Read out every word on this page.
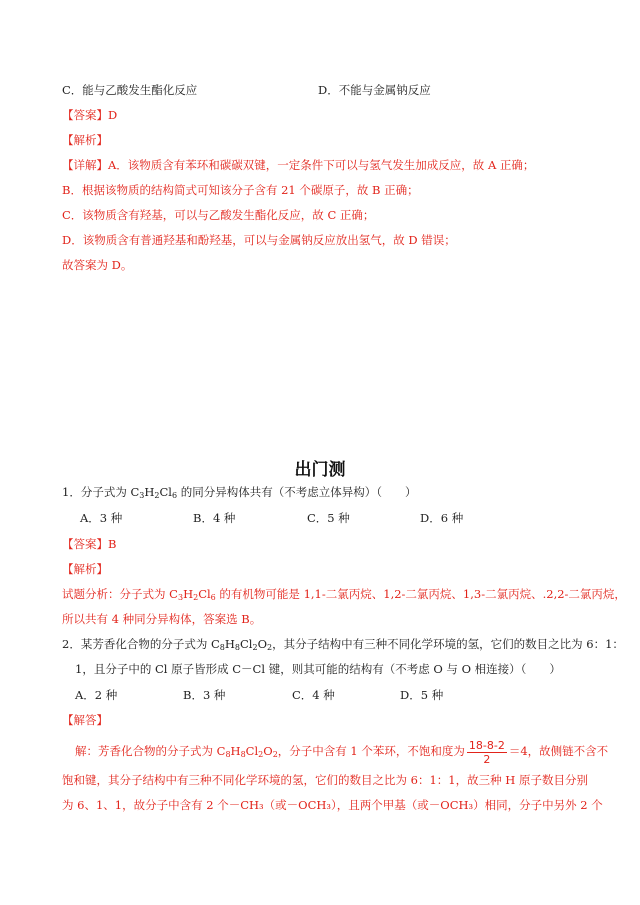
C．能与乙酸发生酯化反应	D．不能与金属钠反应
【答案】D
【解析】
【详解】A．该物质含有苯环和碳碳双键，一定条件下可以与氢气发生加成反应，故 A 正确；
B．根据该物质的结构简式可知该分子含有 21 个碳原子，故 B 正确；
C．该物质含有羟基，可以与乙酸发生酯化反应，故 C 正确；
D．该物质含有普通羟基和酚羟基，可以与金属钠反应放出氢气，故 D 错误；
故答案为 D。
出门测
1．分子式为 $C_3H_2Cl_6$ 的同分异构体共有（不考虑立体异构）（　　）
A．3 种	B．4 种	C．5 种	D．6 种
【答案】B
【解析】
试题分析：分子式为 $C_3H_2Cl_6$ 的有机物可能是 1,1-二氯丙烷、1,2-二氯丙烷、1,3-二氯丙烷、.2,2-二氯丙烷，
所以共有 4 种同分异构体，答案选 B。
2．某芳香化合物的分子式为 $C_8H_8Cl_2O_2$，其分子结构中有三种不同化学环境的氢，它们的数目之比为 6：1：
1，且分子中的 Cl 原子皆形成 C－Cl 键，则其可能的结构有（不考虑 O 与 O 相连接）（　　）
A．2 种	B．3 种	C．4 种	D．5 种
【解答】
解：芳香化合物的分子式为 $C_8H_8Cl_2O_2$，分子中含有 1 个苯环，不饱和度为 $\frac{18-8-2}{2} =4$，故侧链不含不
饱和键，其分子结构中有三种不同化学环境的氢，它们的数目之比为 6：1：1，故三种 H 原子数目分别
为 6、1、1，故分子中含有 2 个－CH₃（或－OCH₃），且两个甲基（或－OCH₃）相同，分子中另外 2 个
